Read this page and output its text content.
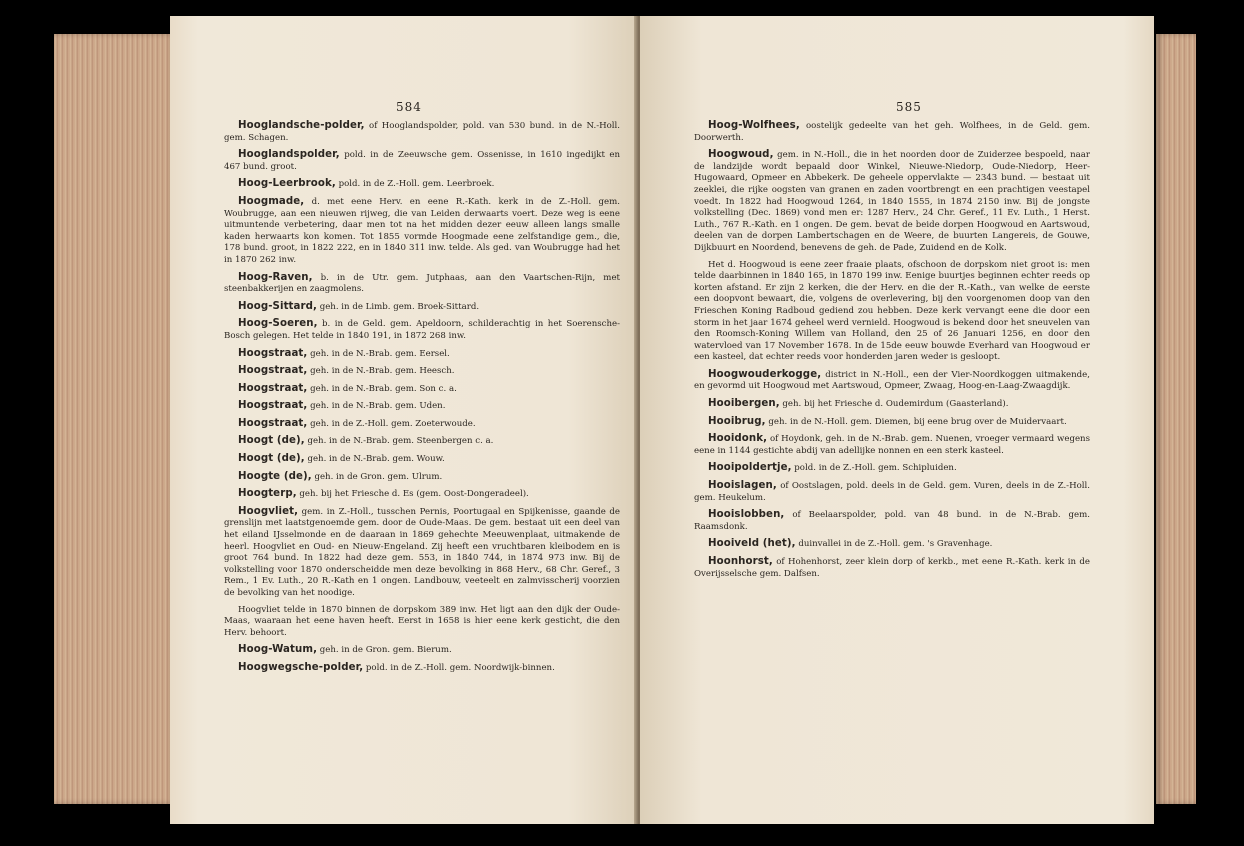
584

Hooglandsche-polder, of Hooglandspolder, pold. van 530 bund. in de N.-Holl. gem. Schagen.

Hooglandspolder, pold. in de Zeeuwsche gem. Ossenisse, in 1610 ingedijkt en 467 bund. groot.

Hoog-Leerbrook, pold. in de Z.-Holl. gem. Leerbroek.

Hoogmade, d. met eene Herv. en eene R.-Kath. kerk in de Z.-Holl. gem. Woubrugge, aan een nieuwen rijweg, die van Leiden derwaarts voert. Deze weg is eene uitmuntende verbetering, daar men tot na het midden dezer eeuw alleen langs smalle kaden herwaarts kon komen. Tot 1855 vormde Hoogmade eene zelfstandige gem., die, 178 bund. groot, in 1822 222, en in 1840 311 inw. telde. Als ged. van Woubrugge had het in 1870 262 inw.

Hoog-Raven, b. in de Utr. gem. Jutphaas, aan den Vaartschen-Rijn, met steenbakkerijen en zaagmolens.

Hoog-Sittard, geh. in de Limb. gem. Broek-Sittard.

Hoog-Soeren, b. in de Geld. gem. Apeldoorn, schilderachtig in het Soerensche-Bosch gelegen. Het telde in 1840 191, in 1872 268 inw.

Hoogstraat, geh. in de N.-Brab. gem. Eersel.

Hoogstraat, geh. in de N.-Brab. gem. Heesch.

Hoogstraat, geh. in de N.-Brab. gem. Son c. a.

Hoogstraat, geh. in de N.-Brab. gem. Uden.

Hoogstraat, geh. in de Z.-Holl. gem. Zoeterwoude.

Hoogt (de), geh. in de N.-Brab. gem. Steenbergen c. a.

Hoogt (de), geh. in de N.-Brab. gem. Wouw.

Hoogte (de), geh. in de Gron. gem. Ulrum.

Hoogterp, geh. bij het Friesche d. Es (gem. Oost-Dongeradeel).

Hoogvliet, gem. in Z.-Holl., tusschen Pernis, Poortugaal en Spijkenisse, gaande de grenslijn met laatstgenoemde gem. door de Oude-Maas. De gem. bestaat uit een deel van het eiland IJsselmonde en de daaraan in 1869 gehechte Meeuwenplaat, uitmakende de heerl. Hoogvliet en Oud- en Nieuw-Engeland. Zij heeft een vruchtbaren kleibodem en is groot 764 bund. In 1822 had deze gem. 553, in 1840 744, in 1874 973 inw. Bij de volkstelling voor 1870 onderscheidde men deze bevolking in 868 Herv., 68 Chr. Geref., 3 Rem., 1 Ev. Luth., 20 R.-Kath en 1 ongen. Landbouw, veeteelt en zalmvisscherij voorzien de bevolking van het noodige.

Hoogvliet telde in 1870 binnen de dorpskom 389 inw. Het ligt aan den dijk der Oude-Maas, waaraan het eene haven heeft. Eerst in 1658 is hier eene kerk gesticht, die den Herv. behoort.

Hoog-Watum, geh. in de Gron. gem. Bierum.

Hoogwegsche-polder, pold. in de Z.-Holl. gem. Noordwijk-binnen.

585

Hoog-Wolfhees, oostelijk gedeelte van het geh. Wolfhees, in de Geld. gem. Doorwerth.

Hoogwoud, gem. in N.-Holl., die in het noorden door de Zuiderzee bespoeld, naar de landzijde wordt bepaald door Winkel, Nieuwe-Niedorp, Oude-Niedorp, Heer-Hugowaard, Opmeer en Abbekerk. De geheele oppervlakte — 2343 bund. — bestaat uit zeeklei, die rijke oogsten van granen en zaden voortbrengt en een prachtigen veestapel voedt. In 1822 had Hoogwoud 1264, in 1840 1555, in 1874 2150 inw. Bij de jongste volkstelling (Dec. 1869) vond men er: 1287 Herv., 24 Chr. Geref., 11 Ev. Luth., 1 Herst. Luth., 767 R.-Kath. en 1 ongen. De gem. bevat de beide dorpen Hoogwoud en Aartswoud, deelen van de dorpen Lambertschagen en de Weere, de buurten Langereis, de Gouwe, Dijkbuurt en Noordend, benevens de geh. de Pade, Zuidend en de Kolk.

Het d. Hoogwoud is eene zeer fraaie plaats, ofschoon de dorpskom niet groot is: men telde daarbinnen in 1840 165, in 1870 199 inw. Eenige buurtjes beginnen echter reeds op korten afstand. Er zijn 2 kerken, die der Herv. en die der R.-Kath., van welke de eerste een doopvont bewaart, die, volgens de overlevering, bij den voorgenomen doop van den Frieschen Koning Radboud gediend zou hebben. Deze kerk vervangt eene die door een storm in het jaar 1674 geheel werd vernield. Hoogwoud is bekend door het sneuvelen van den Roomsch-Koning Willem van Holland, den 25 of 26 Januari 1256, en door den watervloed van 17 November 1678. In de 15de eeuw bouwde Everhard van Hoogwoud er een kasteel, dat echter reeds voor honderden jaren weder is gesloopt.

Hoogwouderkogge, district in N.-Holl., een der Vier-Noordkoggen uitmakende, en gevormd uit Hoogwoud met Aartswoud, Opmeer, Zwaag, Hoog-en-Laag-Zwaagdijk.

Hooibergen, geh. bij het Friesche d. Oudemirdum (Gaasterland).

Hooibrug, geh. in de N.-Holl. gem. Diemen, bij eene brug over de Muidervaart.

Hooidonk, of Hoydonk, geh. in de N.-Brab. gem. Nuenen, vroeger vermaard wegens eene in 1144 gestichte abdij van adellijke nonnen en een sterk kasteel.

Hooipoldertje, pold. in de Z.-Holl. gem. Schipluiden.

Hooislagen, of Oostslagen, pold. deels in de Geld. gem. Vuren, deels in de Z.-Holl. gem. Heukelum.

Hooislobben, of Beelaarspolder, pold. van 48 bund. in de N.-Brab. gem. Raamsdonk.

Hooiveld (het), duinvallei in de Z.-Holl. gem. 's Gravenhage.

Hoonhorst, of Hohenhorst, zeer klein dorp of kerkb., met eene R.-Kath. kerk in de Overijsselsche gem. Dalfsen.
